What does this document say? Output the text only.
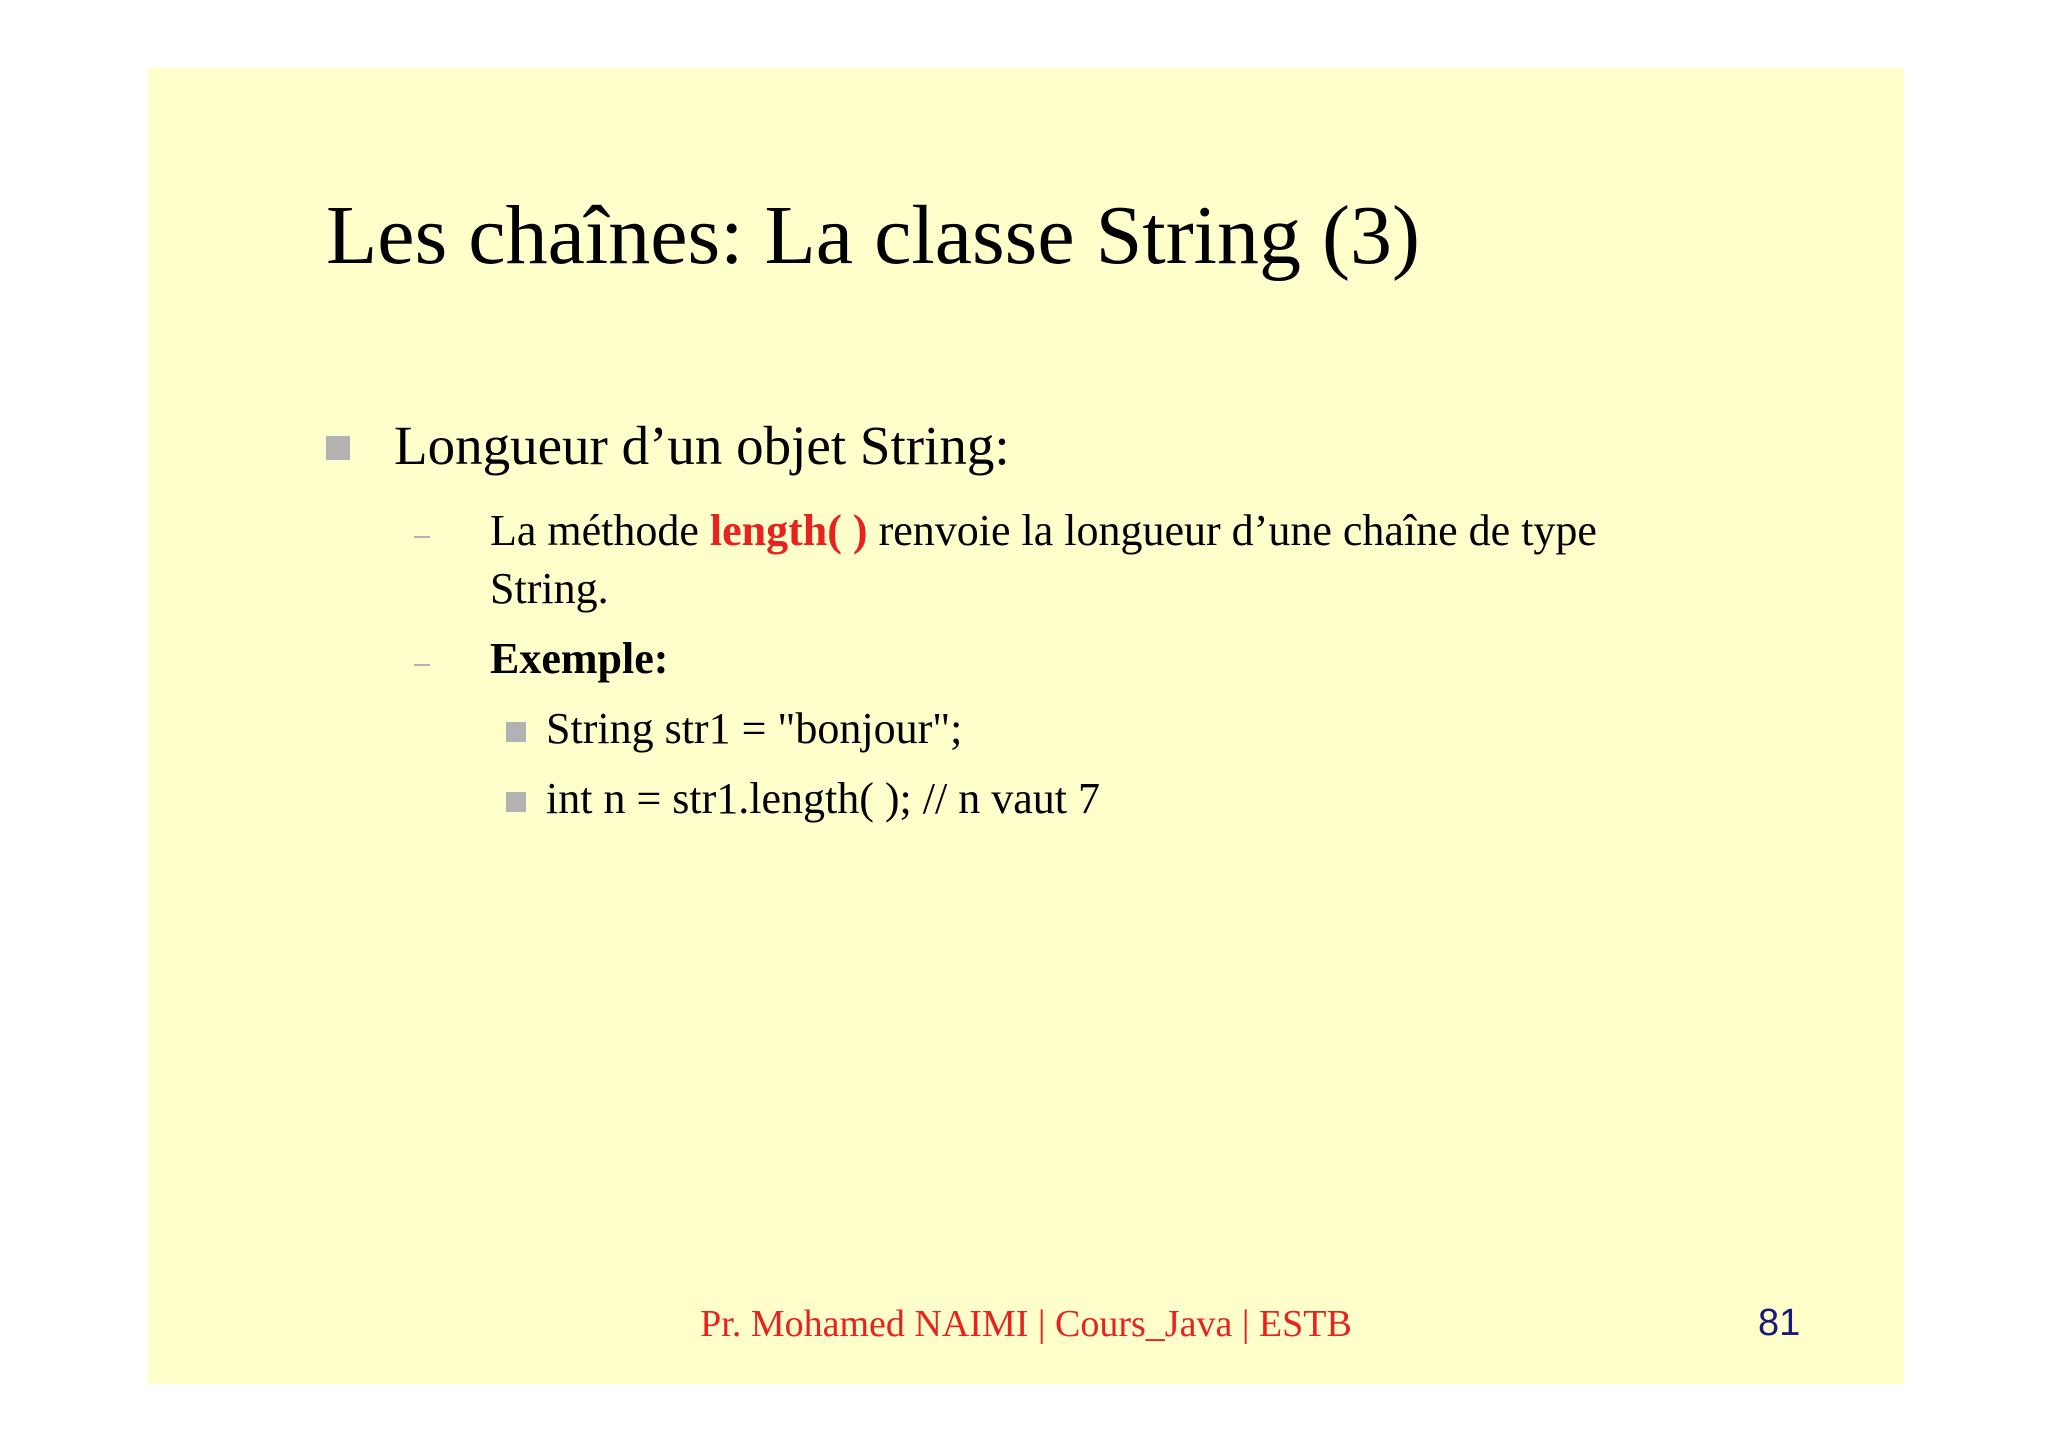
Les chaînes: La classe String (3)
Longueur d’un objet String:
La méthode length( ) renvoie la longueur d’une chaîne de type String.
Exemple:
String str1 = "bonjour";
int n = str1.length( ); // n vaut 7
Pr. Mohamed NAIMI | Cours_Java | ESTB	81
